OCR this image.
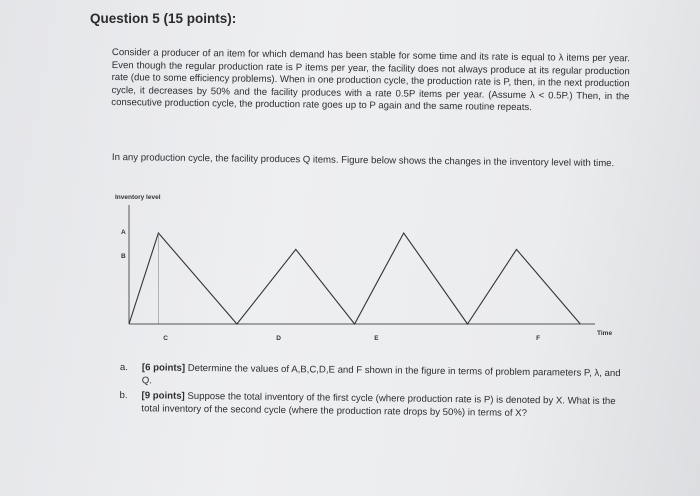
Question 5 (15 points):
Consider a producer of an item for which demand has been stable for some time and its rate is equal to λ items per year. Even though the regular production rate is P items per year, the facility does not always produce at its regular production rate (due to some efficiency problems). When in one production cycle, the production rate is P, then, in the next production cycle, it decreases by 50% and the facility produces with a rate 0.5P items per year. (Assume λ < 0.5P.) Then, in the consecutive production cycle, the production rate goes up to P again and the same routine repeats.
In any production cycle, the facility produces Q items. Figure below shows the changes in the inventory level with time.
Inventory level
Time
A
B
C	D	E	F
a. [6 points] Determine the values of A,B,C,D,E and F shown in the figure in terms of problem parameters P, λ, and Q.
b. [9 points] Suppose the total inventory of the first cycle (where production rate is P) is denoted by X. What is the total inventory of the second cycle (where the production rate drops by 50%) in terms of X?
